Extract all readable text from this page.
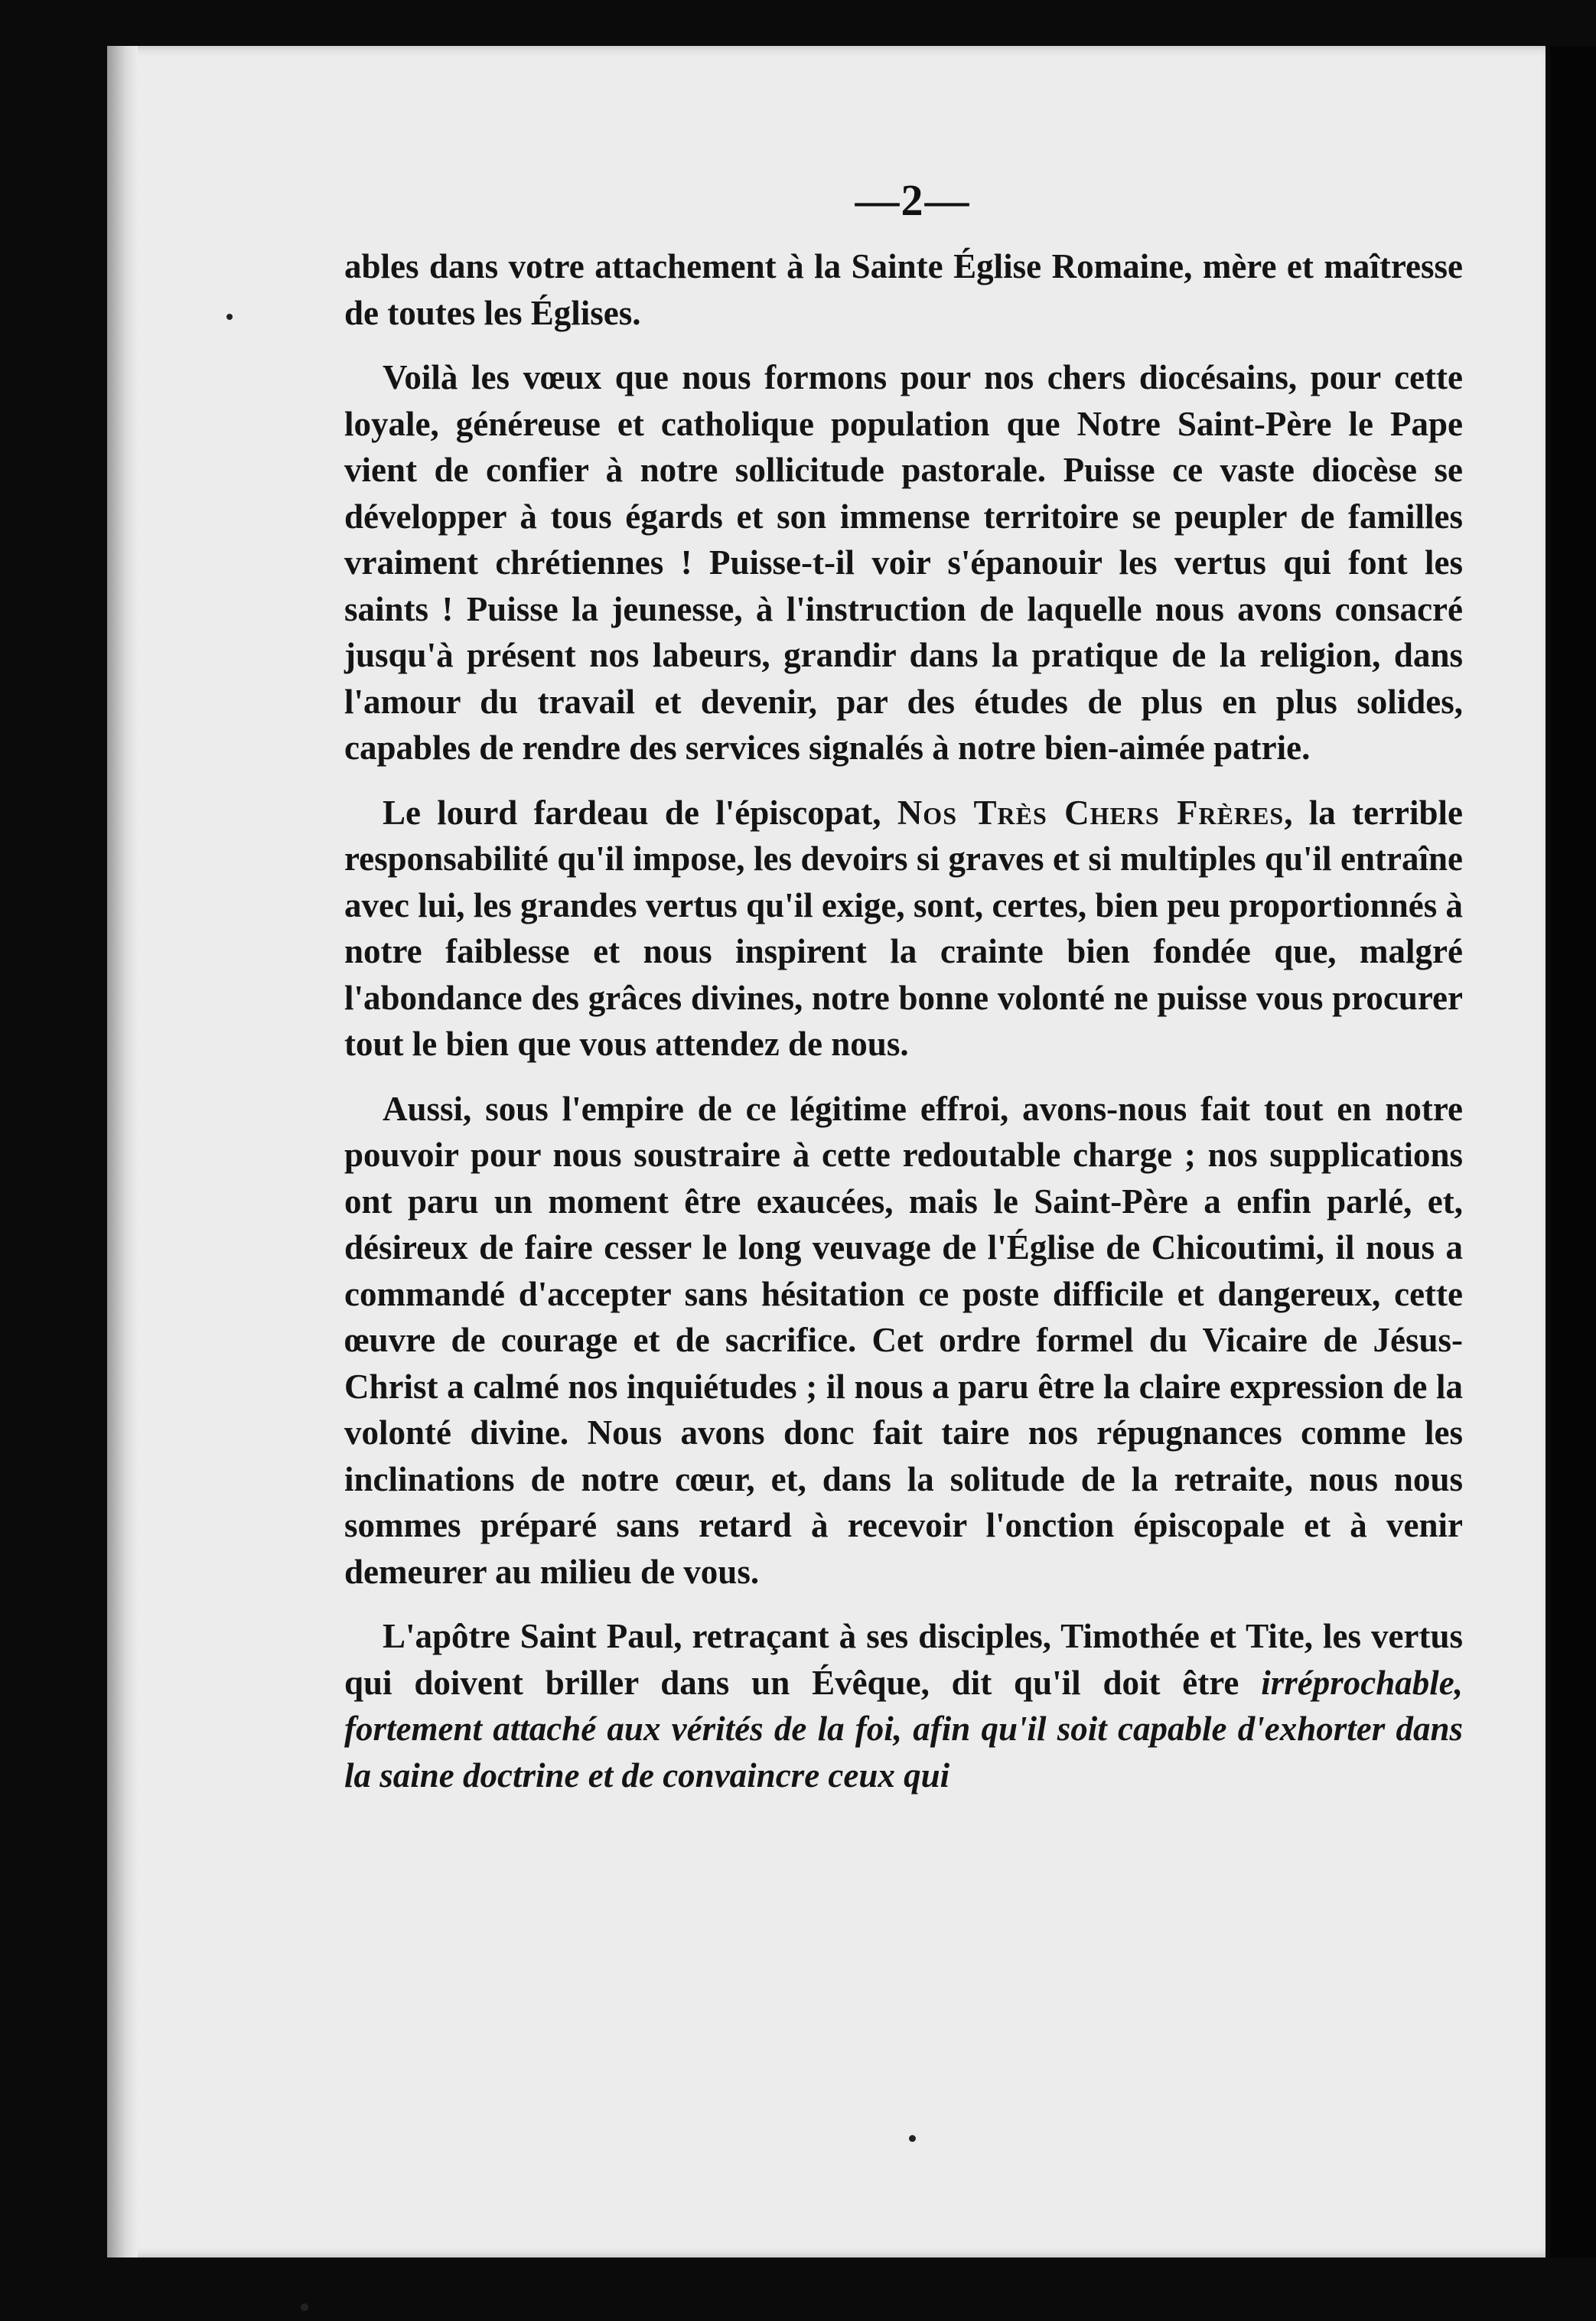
—2—

ables dans votre attachement à la Sainte Église Romaine, mère et maîtresse de toutes les Églises.

Voilà les vœux que nous formons pour nos chers diocésains, pour cette loyale, généreuse et catholique population que Notre Saint-Père le Pape vient de confier à notre sollicitude pastorale. Puisse ce vaste diocèse se développer à tous égards et son immense territoire se peupler de familles vraiment chrétiennes ! Puisse-t-il voir s'épanouir les vertus qui font les saints ! Puisse la jeunesse, à l'instruction de laquelle nous avons consacré jusqu'à présent nos labeurs, grandir dans la pratique de la religion, dans l'amour du travail et devenir, par des études de plus en plus solides, capables de rendre des services signalés à notre bien-aimée patrie.

Le lourd fardeau de l'épiscopat, Nos Très Chers Frères, la terrible responsabilité qu'il impose, les devoirs si graves et si multiples qu'il entraîne avec lui, les grandes vertus qu'il exige, sont, certes, bien peu proportionnés à notre faiblesse et nous inspirent la crainte bien fondée que, malgré l'abondance des grâces divines, notre bonne volonté ne puisse vous procurer tout le bien que vous attendez de nous.

Aussi, sous l'empire de ce légitime effroi, avons-nous fait tout en notre pouvoir pour nous soustraire à cette redoutable charge ; nos supplications ont paru un moment être exaucées, mais le Saint-Père a enfin parlé, et, désireux de faire cesser le long veuvage de l'Église de Chicoutimi, il nous a commandé d'accepter sans hésitation ce poste difficile et dangereux, cette œuvre de courage et de sacrifice. Cet ordre formel du Vicaire de Jésus-Christ a calmé nos inquiétudes ; il nous a paru être la claire expression de la volonté divine. Nous avons donc fait taire nos répugnances comme les inclinations de notre cœur, et, dans la solitude de la retraite, nous nous sommes préparé sans retard à recevoir l'onction épiscopale et à venir demeurer au milieu de vous.

L'apôtre Saint Paul, retraçant à ses disciples, Timothée et Tite, les vertus qui doivent briller dans un Évêque, dit qu'il doit être irréprochable, fortement attaché aux vérités de la foi, afin qu'il soit capable d'exhorter dans la saine doctrine et de convaincre ceux qui
